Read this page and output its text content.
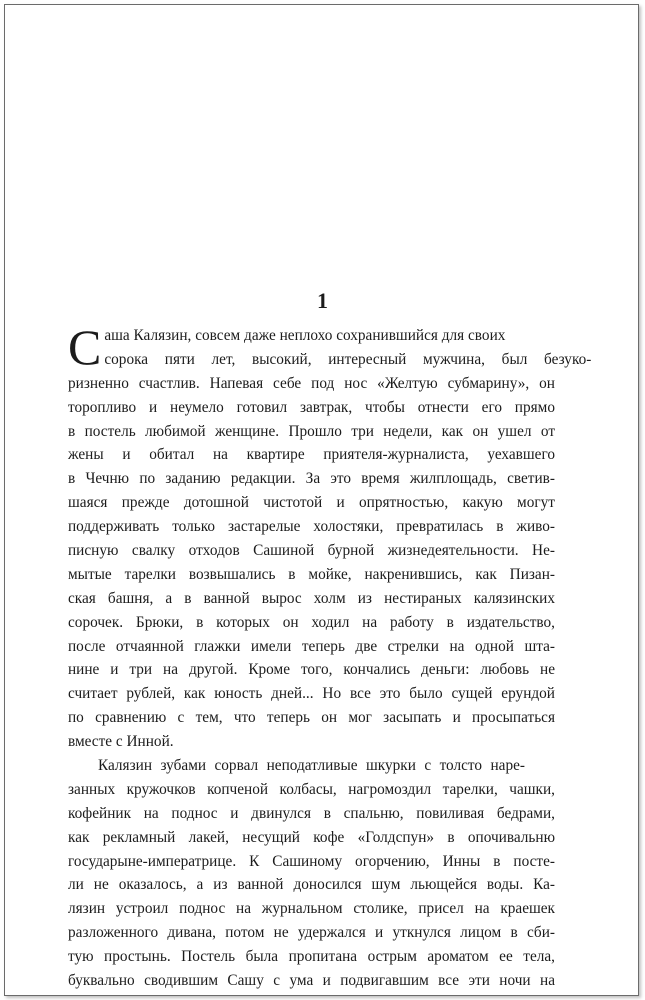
1
С аша Калязин, совсем даже неплохо сохранившийся для своих
сорока пяти лет, высокий, интересный мужчина, был безуко-
ризненно счастлив. Напевая себе под нос «Желтую субмарину», он
торопливо и неумело готовил завтрак, чтобы отнести его прямо
в постель любимой женщине. Прошло три недели, как он ушел от
жены и обитал на квартире приятеля-журналиста, уехавшего
в Чечню по заданию редакции. За это время жилплощадь, светив-
шаяся прежде дотошной чистотой и опрятностью, какую могут
поддерживать только застарелые холостяки, превратилась в живо-
писную свалку отходов Сашиной бурной жизнедеятельности. Не-
мытые тарелки возвышались в мойке, накренившись, как Пизан-
ская башня, а в ванной вырос холм из нестираных калязинских
сорочек. Брюки, в которых он ходил на работу в издательство,
после отчаянной глажки имели теперь две стрелки на одной шта-
нине и три на другой. Кроме того, кончались деньги: любовь не
считает рублей, как юность дней... Но все это было сущей ерундой
по сравнению с тем, что теперь он мог засыпать и просыпаться
вместе с Инной.
Калязин зубами сорвал неподатливые шкурки с толсто наре-
занных кружочков копченой колбасы, нагромоздил тарелки, чашки,
кофейник на поднос и двинулся в спальню, повиливая бедрами,
как рекламный лакей, несущий кофе «Голдспун» в опочивальню
государыне-императрице. К Сашиному огорчению, Инны в посте-
ли не оказалось, а из ванной доносился шум льющейся воды. Ка-
лязин устроил поднос на журнальном столике, присел на краешек
разложенного дивана, потом не удержался и уткнулся лицом в сби-
тую простынь. Постель была пропитана острым ароматом ее тела,
буквально сводившим Сашу с ума и подвигавшим все эти ночи на
